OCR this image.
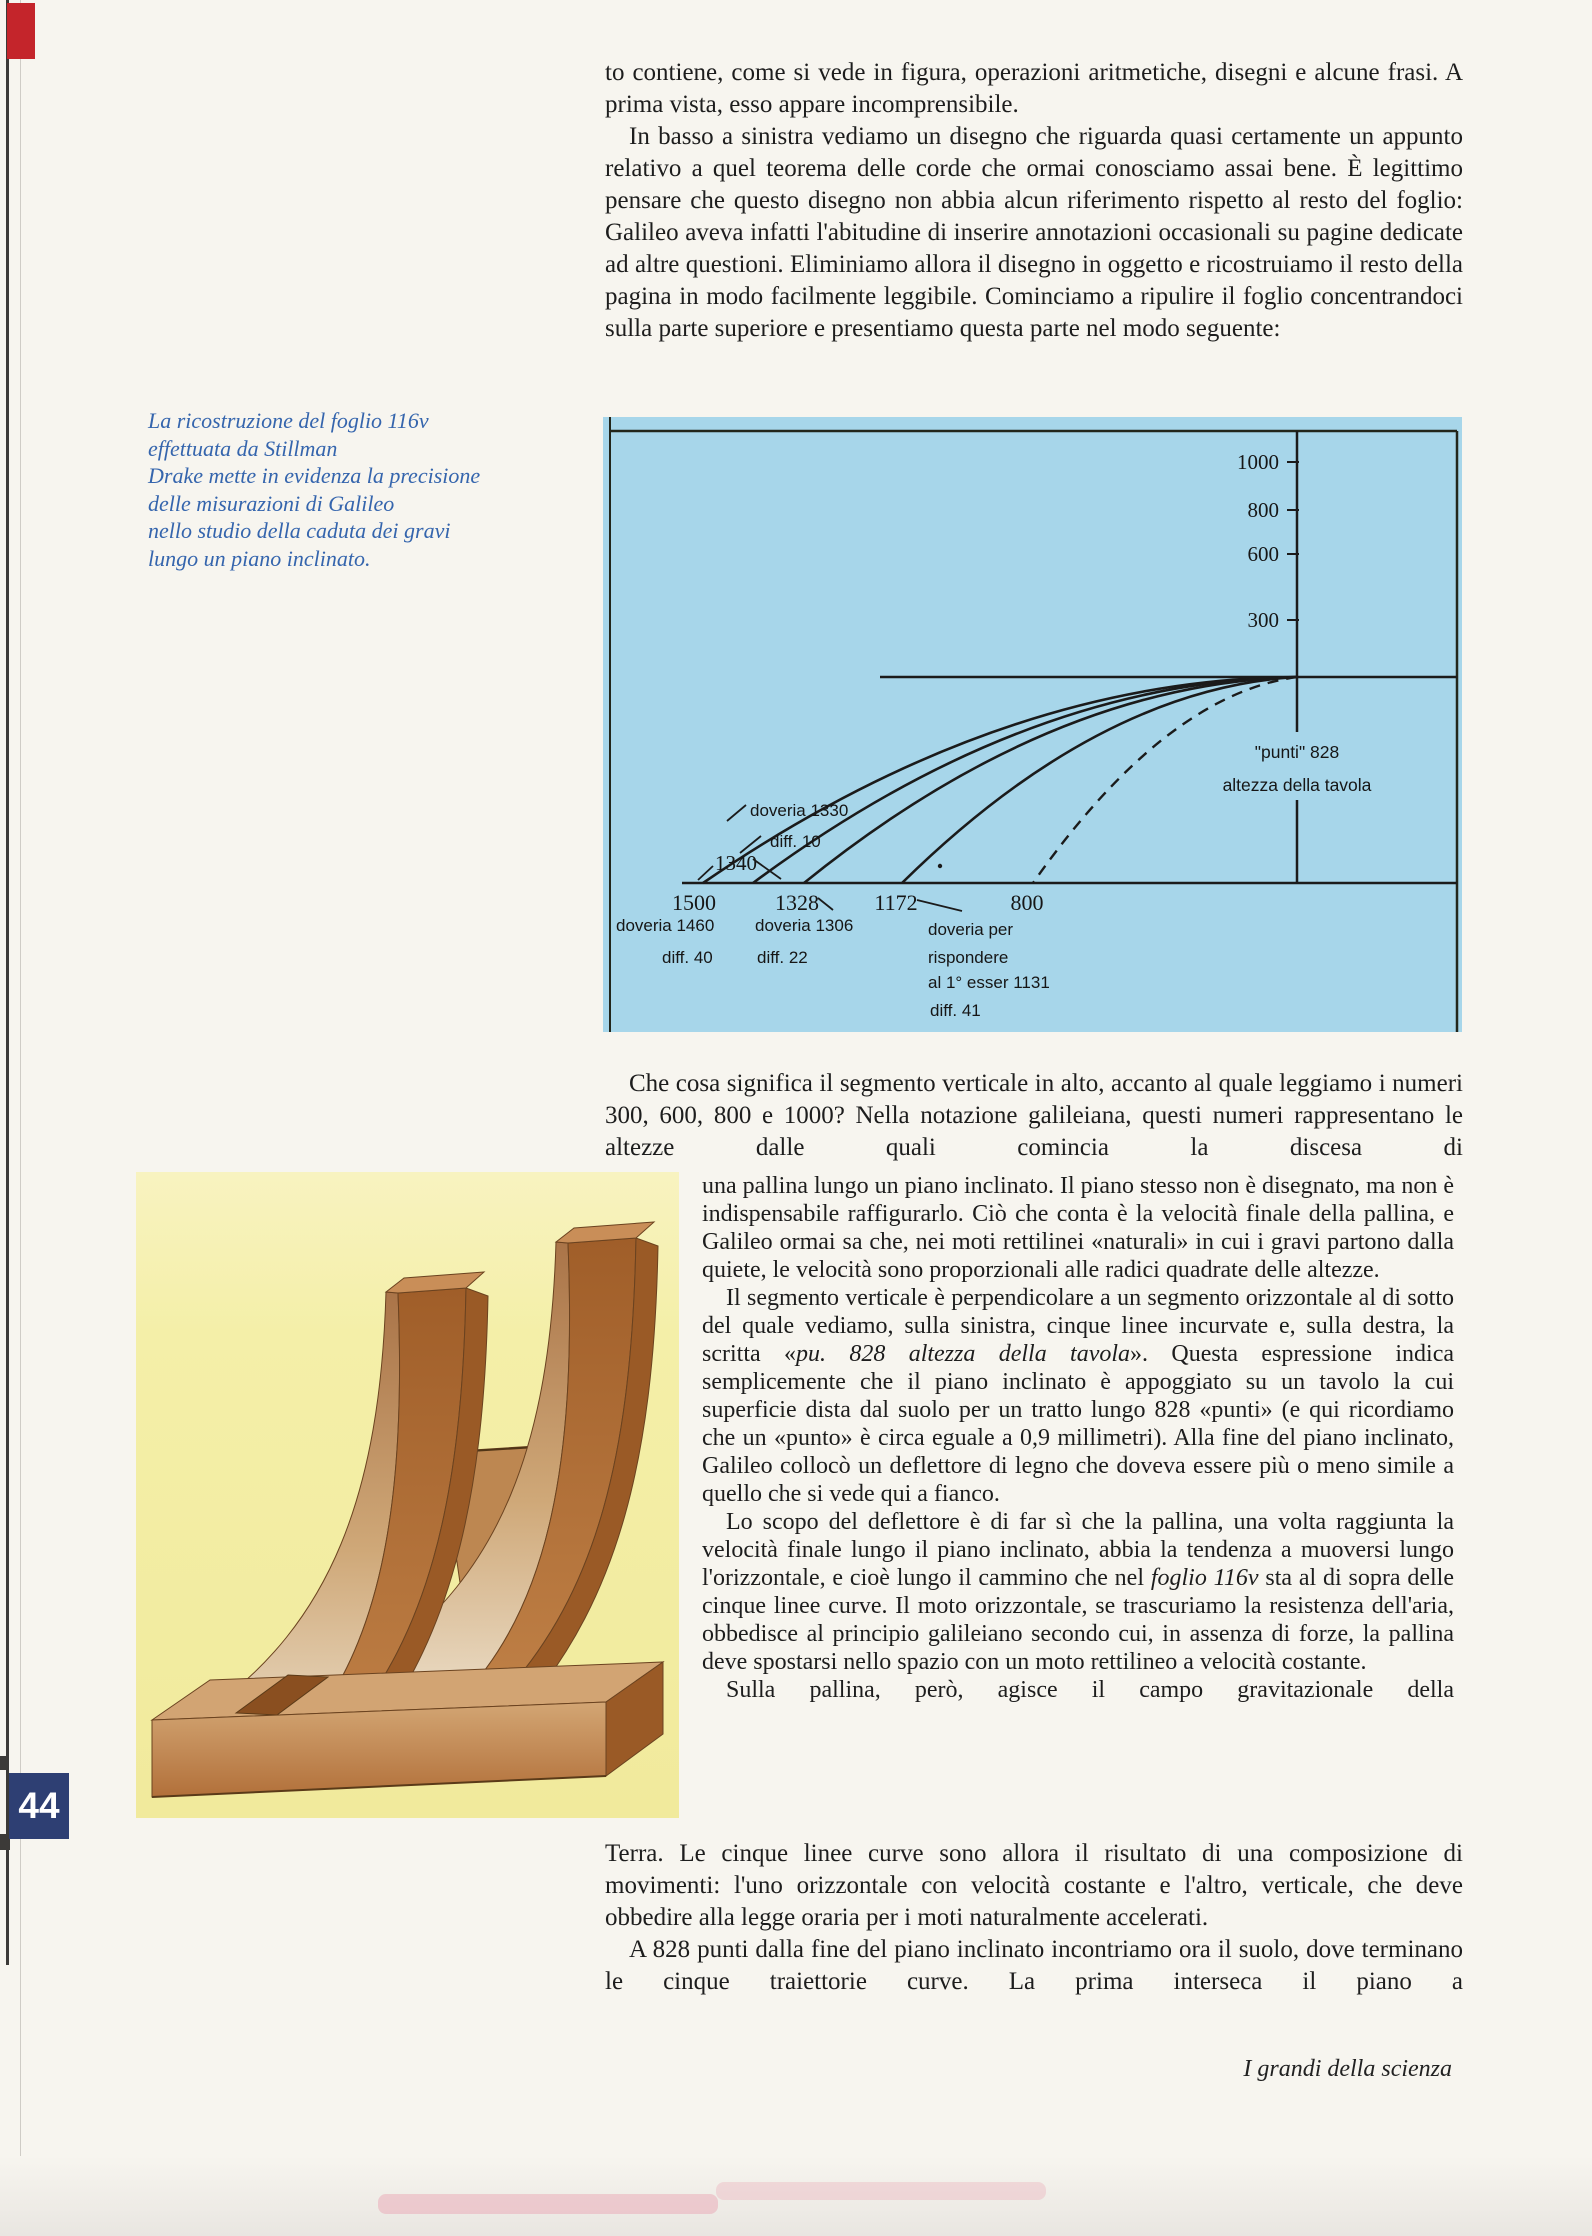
to contiene, come si vede in figura, operazioni aritmetiche, disegni e alcune frasi. A prima vista, esso appare incomprensibile.

In basso a sinistra vediamo un disegno che riguarda quasi certamente un appunto relativo a quel teorema delle corde che ormai conosciamo assai bene. È legittimo pensare che questo disegno non abbia alcun riferimento rispetto al resto del foglio: Galileo aveva infatti l'abitudine di inserire annotazioni occasionali su pagine dedicate ad altre questioni. Eliminiamo allora il disegno in oggetto e ricostruiamo il resto della pagina in modo facilmente leggibile. Cominciamo a ripulire il foglio concentrandoci sulla parte superiore e presentiamo questa parte nel modo seguente:

La ricostruzione del foglio 116v
effettuata da Stillman
Drake mette in evidenza la precisione
delle misurazioni di Galileo
nello studio della caduta dei gravi
lungo un piano inclinato.
1000
800
600
300
"punti" 828
altezza della tavola
1500	1328	1172	800
doveria 1330
diff. 10
1340
doveria 1460
diff. 40
doveria 1306
diff. 22
doveria per
rispondere
al 1° esser 1131
diff. 41

Che cosa significa il segmento verticale in alto, accanto al quale leggiamo i numeri 300, 600, 800 e 1000? Nella notazione galileiana, questi numeri rappresentano le altezze dalle quali comincia la discesa di

una pallina lungo un piano inclinato. Il piano stesso non è disegnato, ma non è indispensabile raffigurarlo. Ciò che conta è la velocità finale della pallina, e Galileo ormai sa che, nei moti rettilinei «naturali» in cui i gravi partono dalla quiete, le velocità sono proporzionali alle radici quadrate delle altezze.

Il segmento verticale è perpendicolare a un segmento orizzontale al di sotto del quale vediamo, sulla sinistra, cinque linee incurvate e, sulla destra, la scritta «pu. 828 altezza della tavola». Questa espressione indica semplicemente che il piano inclinato è appoggiato su un tavolo la cui superficie dista dal suolo per un tratto lungo 828 «punti» (e qui ricordiamo che un «punto» è circa eguale a 0,9 millimetri). Alla fine del piano inclinato, Galileo collocò un deflettore di legno che doveva essere più o meno simile a quello che si vede qui a fianco.

Lo scopo del deflettore è di far sì che la pallina, una volta raggiunta la velocità finale lungo il piano inclinato, abbia la tendenza a muoversi lungo l'orizzontale, e cioè lungo il cammino che nel foglio 116v sta al di sopra delle cinque linee curve. Il moto orizzontale, se trascuriamo la resistenza dell'aria, obbedisce al principio galileiano secondo cui, in assenza di forze, la pallina deve spostarsi nello spazio con un moto rettilineo a velocità costante.

Sulla pallina, però, agisce il campo gravitazionale della

Terra. Le cinque linee curve sono allora il risultato di una composizione di movimenti: l'uno orizzontale con velocità costante e l'altro, verticale, che deve obbedire alla legge oraria per i moti naturalmente accelerati.

A 828 punti dalla fine del piano inclinato incontriamo ora il suolo, dove terminano le cinque traiettorie curve. La prima interseca il piano a

44
I grandi della scienza
